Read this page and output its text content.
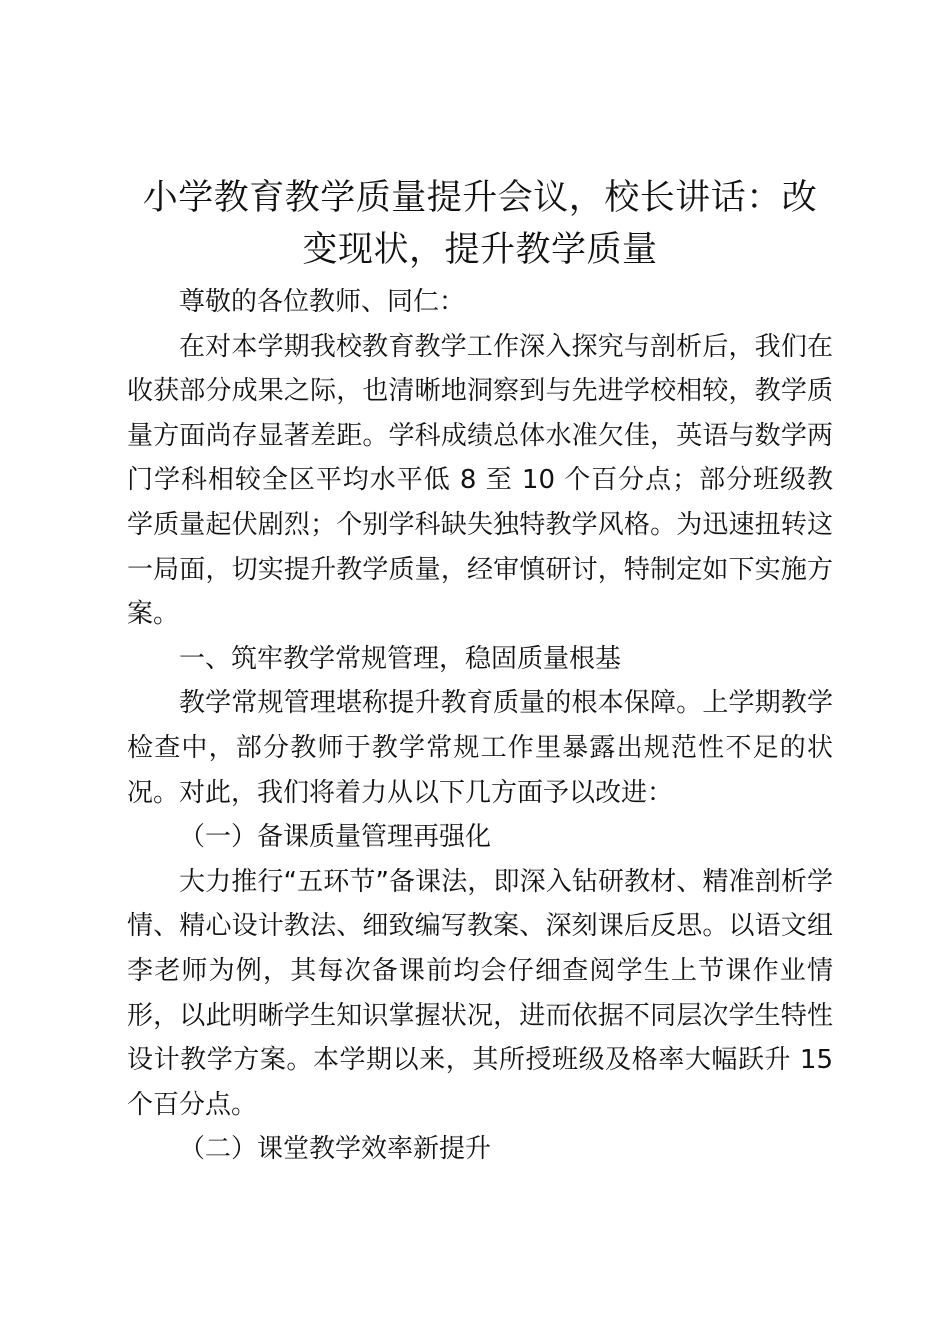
小学教育教学质量提升会议，校长讲话：改变现状，提升教学质量

尊敬的各位教师、同仁：

在对本学期我校教育教学工作深入探究与剖析后，我们在收获部分成果之际，也清晰地洞察到与先进学校相较，教学质量方面尚存显著差距。学科成绩总体水准欠佳，英语与数学两门学科相较全区平均水平低 8 至 10 个百分点；部分班级教学质量起伏剧烈；个别学科缺失独特教学风格。为迅速扭转这一局面，切实提升教学质量，经审慎研讨，特制定如下实施方案。

一、筑牢教学常规管理，稳固质量根基

教学常规管理堪称提升教育质量的根本保障。上学期教学检查中，部分教师于教学常规工作里暴露出规范性不足的状况。对此，我们将着力从以下几方面予以改进：

（一）备课质量管理再强化

大力推行“五环节”备课法，即深入钻研教材、精准剖析学情、精心设计教法、细致编写教案、深刻课后反思。以语文组李老师为例，其每次备课前均会仔细查阅学生上节课作业情形，以此明晰学生知识掌握状况，进而依据不同层次学生特性设计教学方案。本学期以来，其所授班级及格率大幅跃升 15 个百分点。

（二）课堂教学效率新提升
